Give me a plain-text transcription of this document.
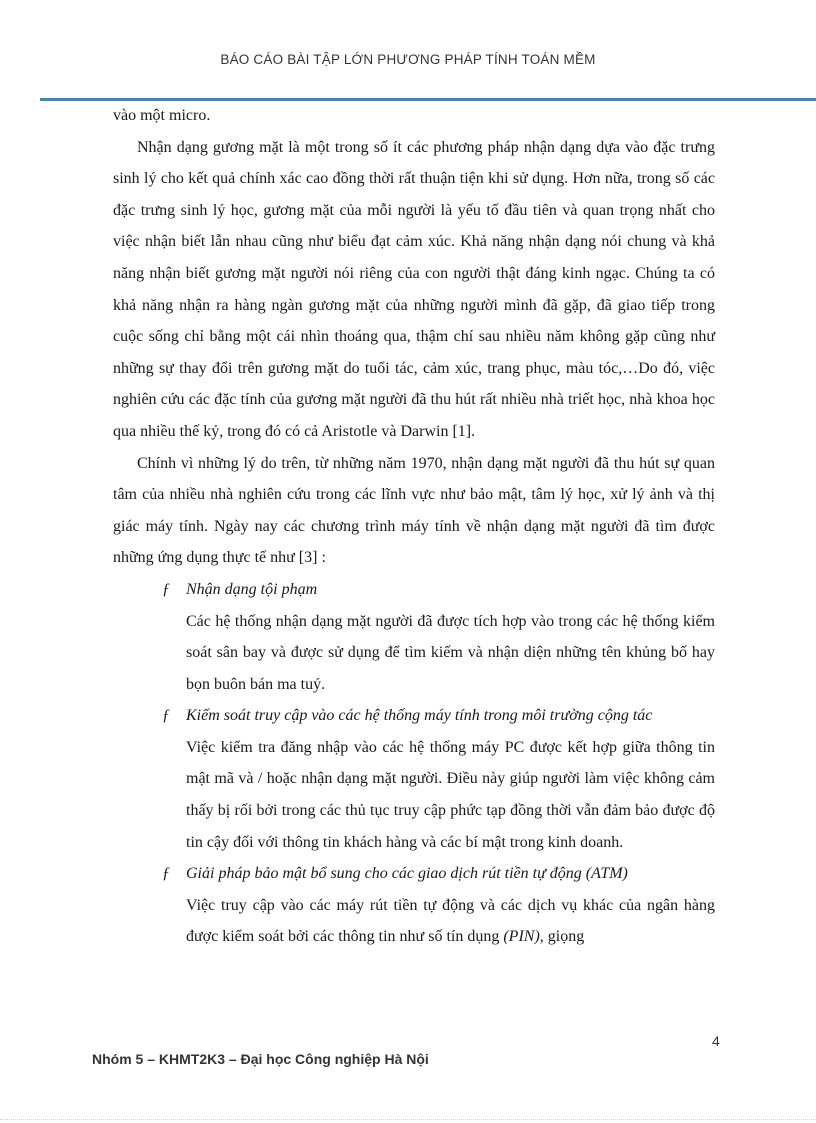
BÁO CÁO BÀI TẬP LỚN PHƯƠNG PHÁP TÍNH TOÁN MỀM

vào một micro.

Nhận dạng gương mặt là một trong số ít các phương pháp nhận dạng dựa vào đặc trưng sinh lý cho kết quả chính xác cao đồng thời rất thuận tiện khi sử dụng. Hơn nữa, trong số các đặc trưng sinh lý học, gương mặt của mỗi người là yếu tố đầu tiên và quan trọng nhất cho việc nhận biết lẫn nhau cũng như biểu đạt cảm xúc. Khả năng nhận dạng nói chung và khả năng nhận biết gương mặt người nói riêng của con người thật đáng kinh ngạc. Chúng ta có khả năng nhận ra hàng ngàn gương mặt của những người mình đã gặp, đã giao tiếp trong cuộc sống chỉ bằng một cái nhìn thoáng qua, thậm chí sau nhiều năm không gặp cũng như những sự thay đổi trên gương mặt do tuổi tác, cảm xúc, trang phục, màu tóc,…Do đó, việc nghiên cứu các đặc tính của gương mặt người đã thu hút rất nhiều nhà triết học, nhà khoa học qua nhiều thế kỷ, trong đó có cả Aristotle và Darwin [1].

Chính vì những lý do trên, từ những năm 1970, nhận dạng mặt người đã thu hút sự quan tâm của nhiều nhà nghiên cứu trong các lĩnh vực như bảo mật, tâm lý học, xử lý ảnh và thị giác máy tính. Ngày nay các chương trình máy tính về nhận dạng mặt người đã tìm được những ứng dụng thực tế như [3] :

ƒ Nhận dạng tội phạm
Các hệ thống nhận dạng mặt người đã được tích hợp vào trong các hệ thống kiểm soát sân bay và được sử dụng để tìm kiếm và nhận diện những tên khủng bố hay bọn buôn bán ma tuý.
ƒ Kiểm soát truy cập vào các hệ thống máy tính trong môi trường cộng tác
Việc kiểm tra đăng nhập vào các hệ thống máy PC được kết hợp giữa thông tin mật mã và / hoặc nhận dạng mặt người. Điều này giúp người làm việc không cảm thấy bị rối bởi trong các thủ tục truy cập phức tạp đồng thời vẫn đảm bảo được độ tin cậy đối với thông tin khách hàng và các bí mật trong kinh doanh.
ƒ Giải pháp bảo mật bổ sung cho các giao dịch rút tiền tự động (ATM)
Việc truy cập vào các máy rút tiền tự động và các dịch vụ khác của ngân hàng được kiểm soát bởi các thông tin như số tín dụng (PIN), giọng
4
Nhóm 5 – KHMT2K3 – Đại học Công nghiệp Hà Nội
